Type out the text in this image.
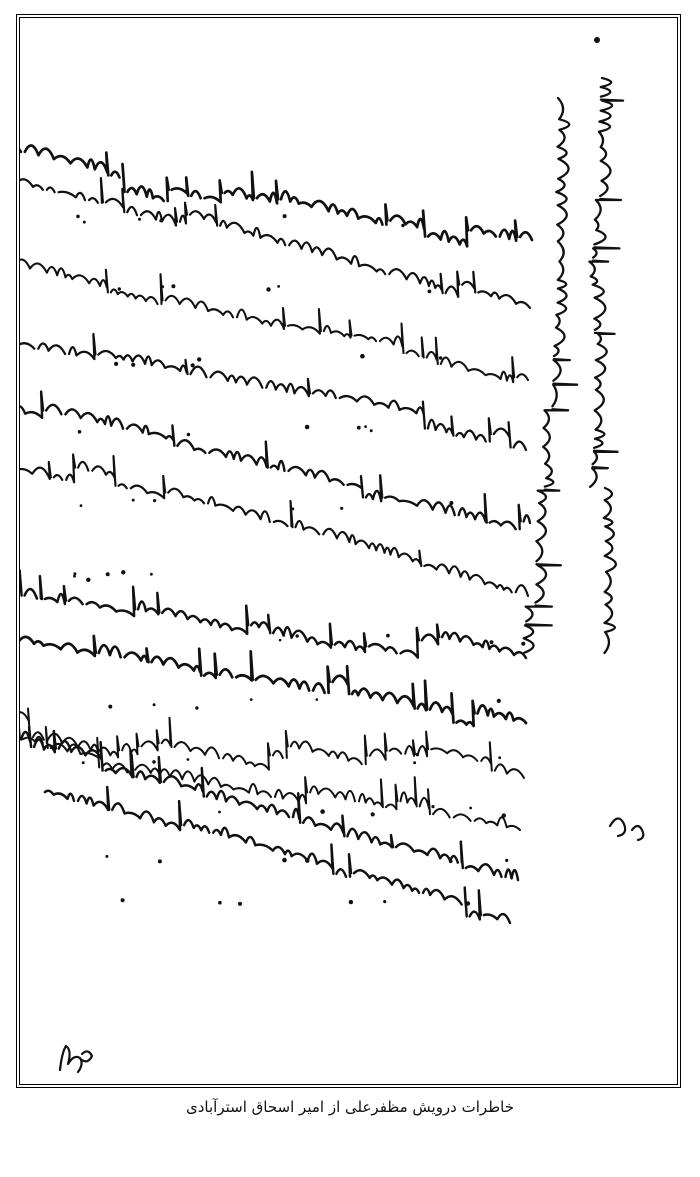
خاطرات درویش مظفرعلی از امیر اسحاق استرآبادی
